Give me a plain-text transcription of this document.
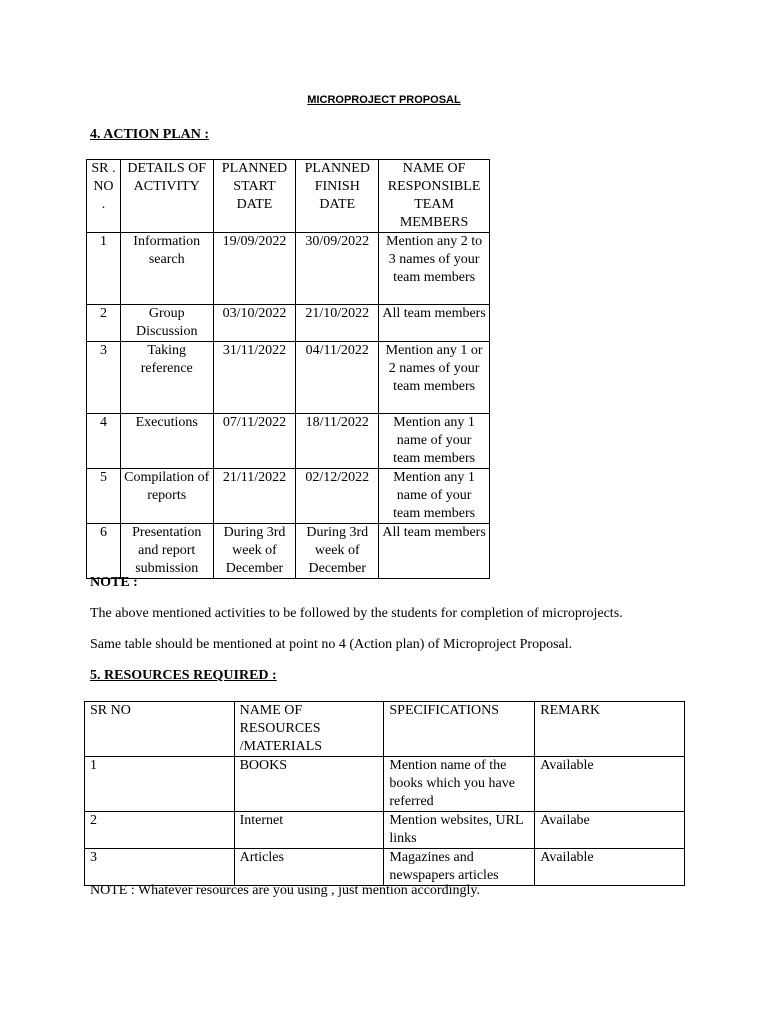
MICROPROJECT PROPOSAL
4. ACTION PLAN :
SR . NO .	DETAILS OF ACTIVITY	PLANNED START DATE	PLANNED FINISH DATE	NAME OF RESPONSIBLE TEAM MEMBERS
1	Information search	19/09/2022	30/09/2022	Mention any 2 to 3 names of your team members
2	Group Discussion	03/10/2022	21/10/2022	All team members
3	Taking reference	31/11/2022	04/11/2022	Mention any 1 or 2 names of your team members
4	Executions	07/11/2022	18/11/2022	Mention any 1 name of your team members
5	Compilation of reports	21/11/2022	02/12/2022	Mention any 1 name of your team members
6	Presentation and report submission	During 3rd week of December	During 3rd week of December	All team members
NOTE :
The above mentioned activities to be followed by the students for completion of microprojects.
Same table should be mentioned at point no 4 (Action plan) of Microproject Proposal.
5. RESOURCES REQUIRED :
SR NO	NAME OF RESOURCES /MATERIALS	SPECIFICATIONS	REMARK
1	BOOKS	Mention name of the books which you have referred	Available
2	Internet	Mention websites, URL links	Availabe
3	Articles	Magazines and newspapers articles	Available
NOTE : Whatever resources are you using , just mention accordingly.
